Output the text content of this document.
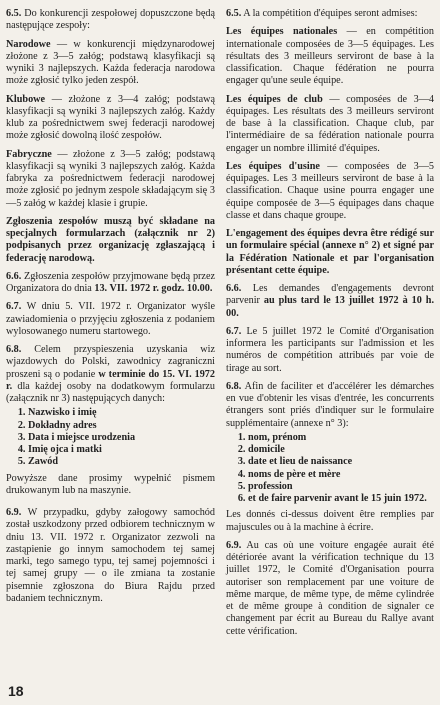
6.5. Do konkurencji zespołowej dopuszczone będą następujące zespoły:
Narodowe — w konkurencji międzynarodowej złożone z 3—5 załóg; podstawą klasyfikacji są wyniki 3 najlepszych. Każda federacja narodowa może zgłosić tylko jeden zespół.
Klubowe — złożone z 3—4 załóg; podstawą klasyfikacji są wyniki 3 najlepszych załóg. Każdy klub za pośrednictwem swej federacji narodowej może zgłosić dowolną ilość zespołów.
Fabryczne — złożone z 3—5 załóg; podstawą klasyfikacji są wyniki 3 najlepszych załóg. Każda fabryka za pośrednictwem federacji narodowej może zgłosić po jednym zespole składającym się 3—5 załóg w każdej klasie i grupie.
Zgłoszenia zespołów muszą być składane na specjalnych formularzach (załącznik nr 2) podpisanych przez organizację zgłaszającą i federację narodową.
6.6. Zgłoszenia zespołów przyjmowane będą przez Organizatora do dnia 13. VII. 1972 r. godz. 10.00.
6.7. W dniu 5. VII. 1972 r. Organizator wyśle zawiadomienia o przyjęciu zgłoszenia z podaniem wylosowanego numeru startowego.
6.8. Celem przyspieszenia uzyskania wiz wjazdowych do Polski, zawodnicy zagraniczni proszeni są o podanie w terminie do 15. VI. 1972 r. dla każdej osoby na dodatkowym formularzu (załącznik nr 3) następujących danych:
1. Nazwisko i imię
2. Dokładny adres
3. Data i miejsce urodzenia
4. Imię ojca i matki
5. Zawód
Powyższe dane prosimy wypełnić pismem drukowanym lub na maszynie.
6.9. W przypadku, gdyby załogowy samochód został uszkodzony przed odbiorem technicznym w dniu 13. VII. 1972 r. Organizator zezwoli na zastąpienie go innym samochodem tej samej marki, tego samego typu, tej samej pojemności i tej samej grupy — o ile zmiana ta zostanie pisemnie zgłoszona do Biura Rajdu przed badaniem technicznym.
6.5. A la compétition d'équipes seront admises:
Les équipes nationales — en compétition internationale composées de 3—5 équipages. Les résultats des 3 meilleurs serviront de base à la classification. Chaque fédération ne pourra engager qu'une seule équipe.
Les équipes de club — composées de 3—4 équipages. Les résultats des 3 meilleurs serviront de base à la classification. Chaque club, par l'intermédiaire de sa fédération nationale pourra engager un nombre illimité d'équipes.
Les équipes d'usine — composées de 3—5 équipages. Les 3 meilleurs serviront de base à la classification. Chaque usine pourra engager une équipe composée de 3—5 équipages dans chaque classe et dans chaque groupe.
L'engagement des équipes devra être rédigé sur un formulaire spécial (annexe n° 2) et signé par la Fédération Nationale et par l'organisation présentant cette équipe.
6.6. Les demandes d'engagements devront parvenir au plus tard le 13 juillet 1972 à 10 h. 00.
6.7. Le 5 juillet 1972 le Comité d'Organisation informera les participants sur l'admission et les numéros de compétition attribués par voie de tirage au sort.
6.8. Afin de faciliter et d'accélérer les démarches en vue d'obtenir les visas d'entrée, les concurrents étrangers sont priés d'indiquer sur le formulaire supplémentaire (annexe n° 3):
1. nom, prénom
2. domicile
3. date et lieu de naissance
4. noms de père et mère
5. profession
6. et de faire parvenir avant le 15 juin 1972.
Les donnés ci-dessus doivent être remplies par majuscules ou à la machine à écrire.
6.9. Au cas où une voiture engagée aurait été détériorée avant la vérification technique du 13 juillet 1972, le Comité d'Organisation pourra autoriser son remplacement par une voiture de même marque, de même type, de même cylindrée et de même groupe à condition de signaler ce changement par écrit au Bureau du Rallye avant cette vérification.
18
